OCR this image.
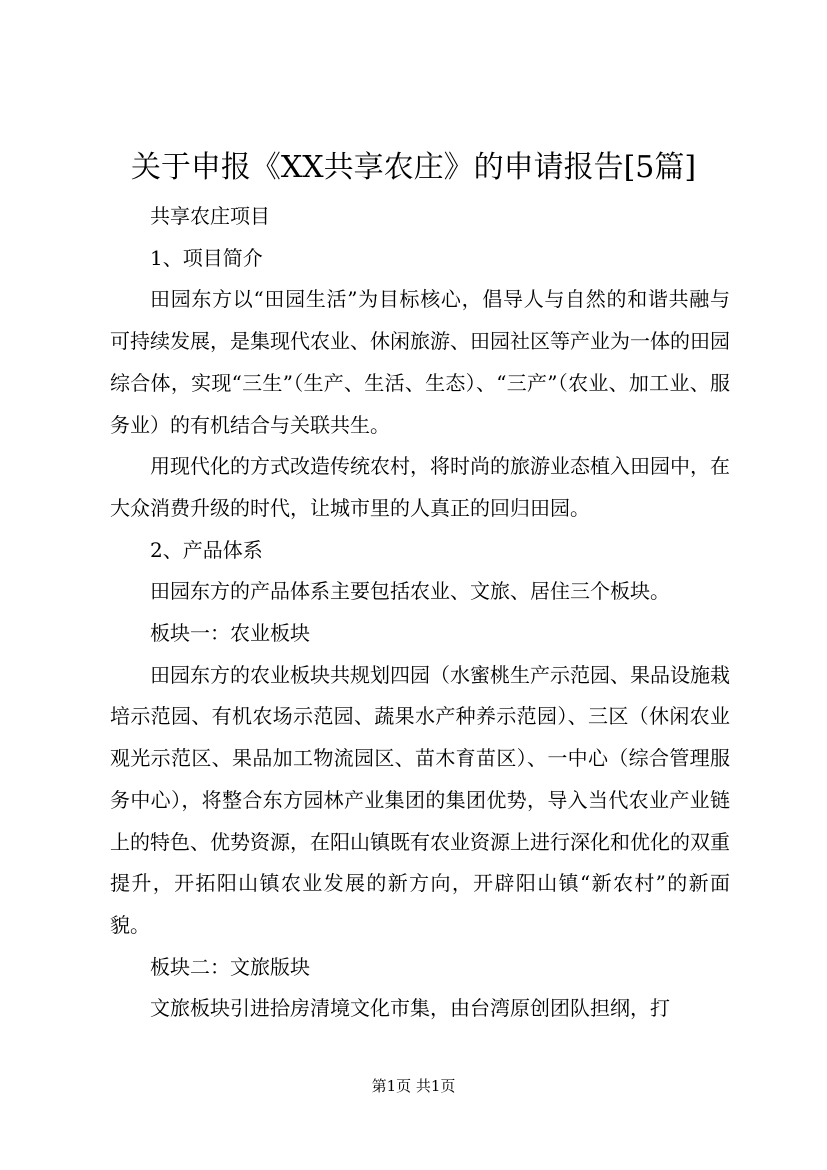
关于申报《XX共享农庄》的申请报告[5篇]

共享农庄项目

1、项目简介

田园东方以“田园生活”为目标核心，倡导人与自然的和谐共融与可持续发展，是集现代农业、休闲旅游、田园社区等产业为一体的田园综合体，实现“三生”（生产、生活、生态）、“三产”（农业、加工业、服务业）的有机结合与关联共生。

用现代化的方式改造传统农村，将时尚的旅游业态植入田园中，在大众消费升级的时代，让城市里的人真正的回归田园。

2、产品体系

田园东方的产品体系主要包括农业、文旅、居住三个板块。

板块一：农业板块

田园东方的农业板块共规划四园（水蜜桃生产示范园、果品设施栽培示范园、有机农场示范园、蔬果水产种养示范园）、三区（休闲农业观光示范区、果品加工物流园区、苗木育苗区）、一中心（综合管理服务中心），将整合东方园林产业集团的集团优势，导入当代农业产业链上的特色、优势资源，在阳山镇既有农业资源上进行深化和优化的双重提升，开拓阳山镇农业发展的新方向，开辟阳山镇“新农村”的新面貌。

板块二：文旅版块

文旅板块引进拾房清境文化市集，由台湾原创团队担纲，打

第1页 共1页
